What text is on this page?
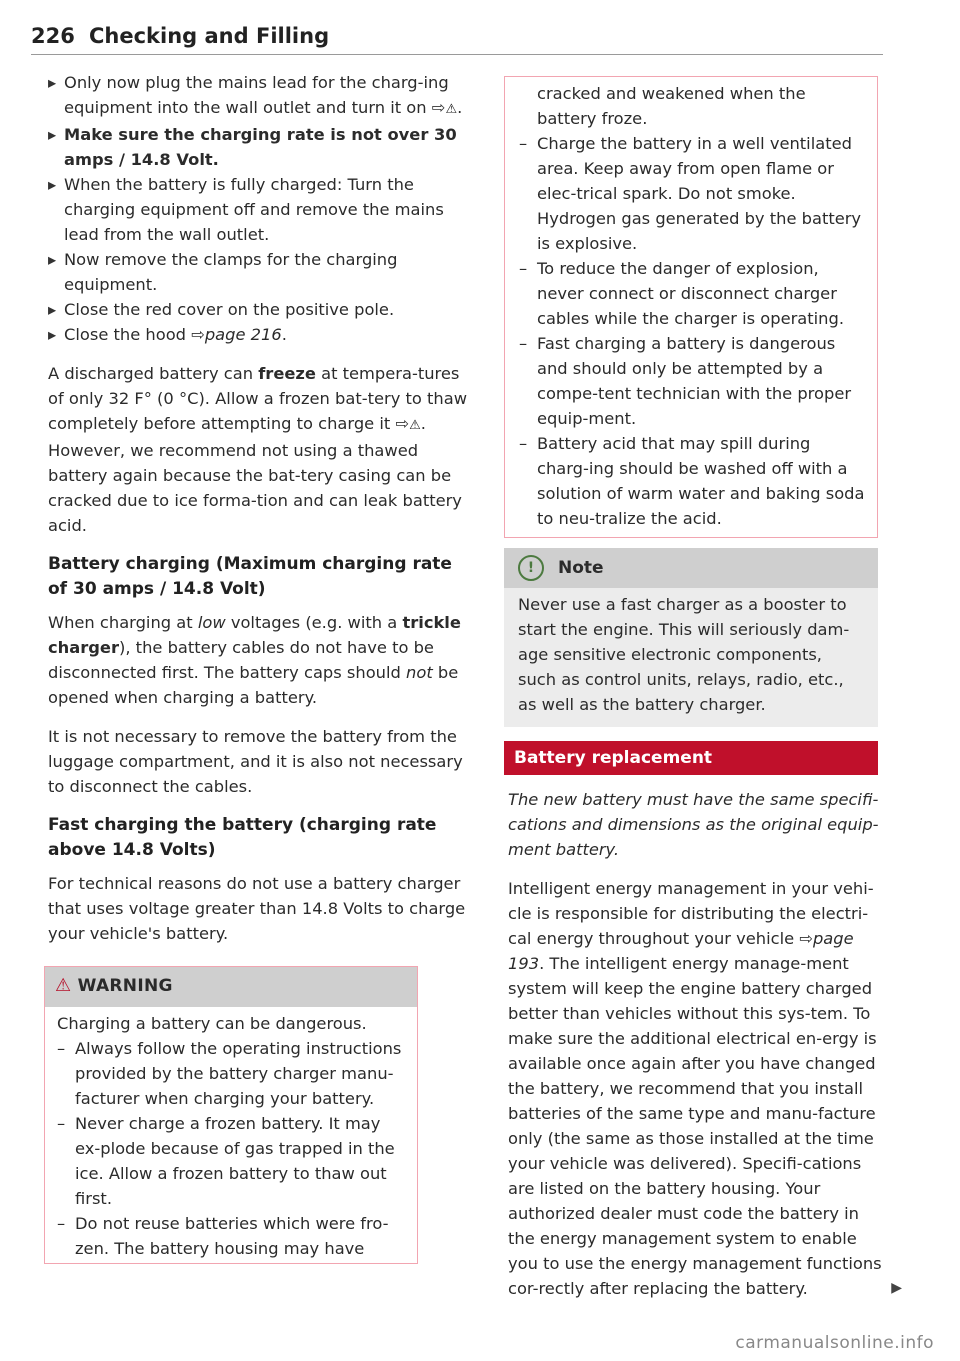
226 Checking and Filling

▸ Only now plug the mains lead for the charg-ing equipment into the wall outlet and turn it on ⇨⚠.

▸ Make sure the charging rate is not over 30 amps / 14.8 Volt.

▸ When the battery is fully charged: Turn the charging equipment off and remove the mains lead from the wall outlet.

▸ Now remove the clamps for the charging equipment.

▸ Close the red cover on the positive pole.

▸ Close the hood ⇨page 216.

A discharged battery can freeze at tempera-tures of only 32 F° (0 °C). Allow a frozen bat-tery to thaw completely before attempting to charge it ⇨⚠. However, we recommend not using a thawed battery again because the bat-tery casing can be cracked due to ice forma-tion and can leak battery acid.

Battery charging (Maximum charging rate of 30 amps / 14.8 Volt)

When charging at low voltages (e.g. with a trickle charger), the battery cables do not have to be disconnected first. The battery caps should not be opened when charging a battery.

It is not necessary to remove the battery from the luggage compartment, and it is also not necessary to disconnect the cables.

Fast charging the battery (charging rate above 14.8 Volts)

For technical reasons do not use a battery charger that uses voltage greater than 14.8 Volts to charge your vehicle's battery.

⚠ WARNING

Charging a battery can be dangerous.

– Always follow the operating instructions provided by the battery charger manu-facturer when charging your battery.

– Never charge a frozen battery. It may ex-plode because of gas trapped in the ice. Allow a frozen battery to thaw out first.

– Do not reuse batteries which were fro-zen. The battery housing may have

cracked and weakened when the battery froze.

– Charge the battery in a well ventilated area. Keep away from open flame or elec-trical spark. Do not smoke. Hydrogen gas generated by the battery is explosive.

– To reduce the danger of explosion, never connect or disconnect charger cables while the charger is operating.

– Fast charging a battery is dangerous and should only be attempted by a compe-tent technician with the proper equip-ment.

– Battery acid that may spill during charg-ing should be washed off with a solution of warm water and baking soda to neu-tralize the acid.

!	Note

Never use a fast charger as a booster to start the engine. This will seriously dam-age sensitive electronic components, such as control units, relays, radio, etc., as well as the battery charger.

Battery replacement

The new battery must have the same specifi-cations and dimensions as the original equip-ment battery.

Intelligent energy management in your vehi-cle is responsible for distributing the electri-cal energy throughout your vehicle ⇨page 193. The intelligent energy manage-ment system will keep the engine battery charged better than vehicles without this sys-tem. To make sure the additional electrical en-ergy is available once again after you have changed the battery, we recommend that you install batteries of the same type and manu-facture only (the same as those installed at the time your vehicle was delivered). Specifi-cations are listed on the battery housing. Your authorized dealer must code the battery in the energy management system to enable you to use the energy management functions cor-rectly after replacing the battery.	▶

carmanualsonline.info
